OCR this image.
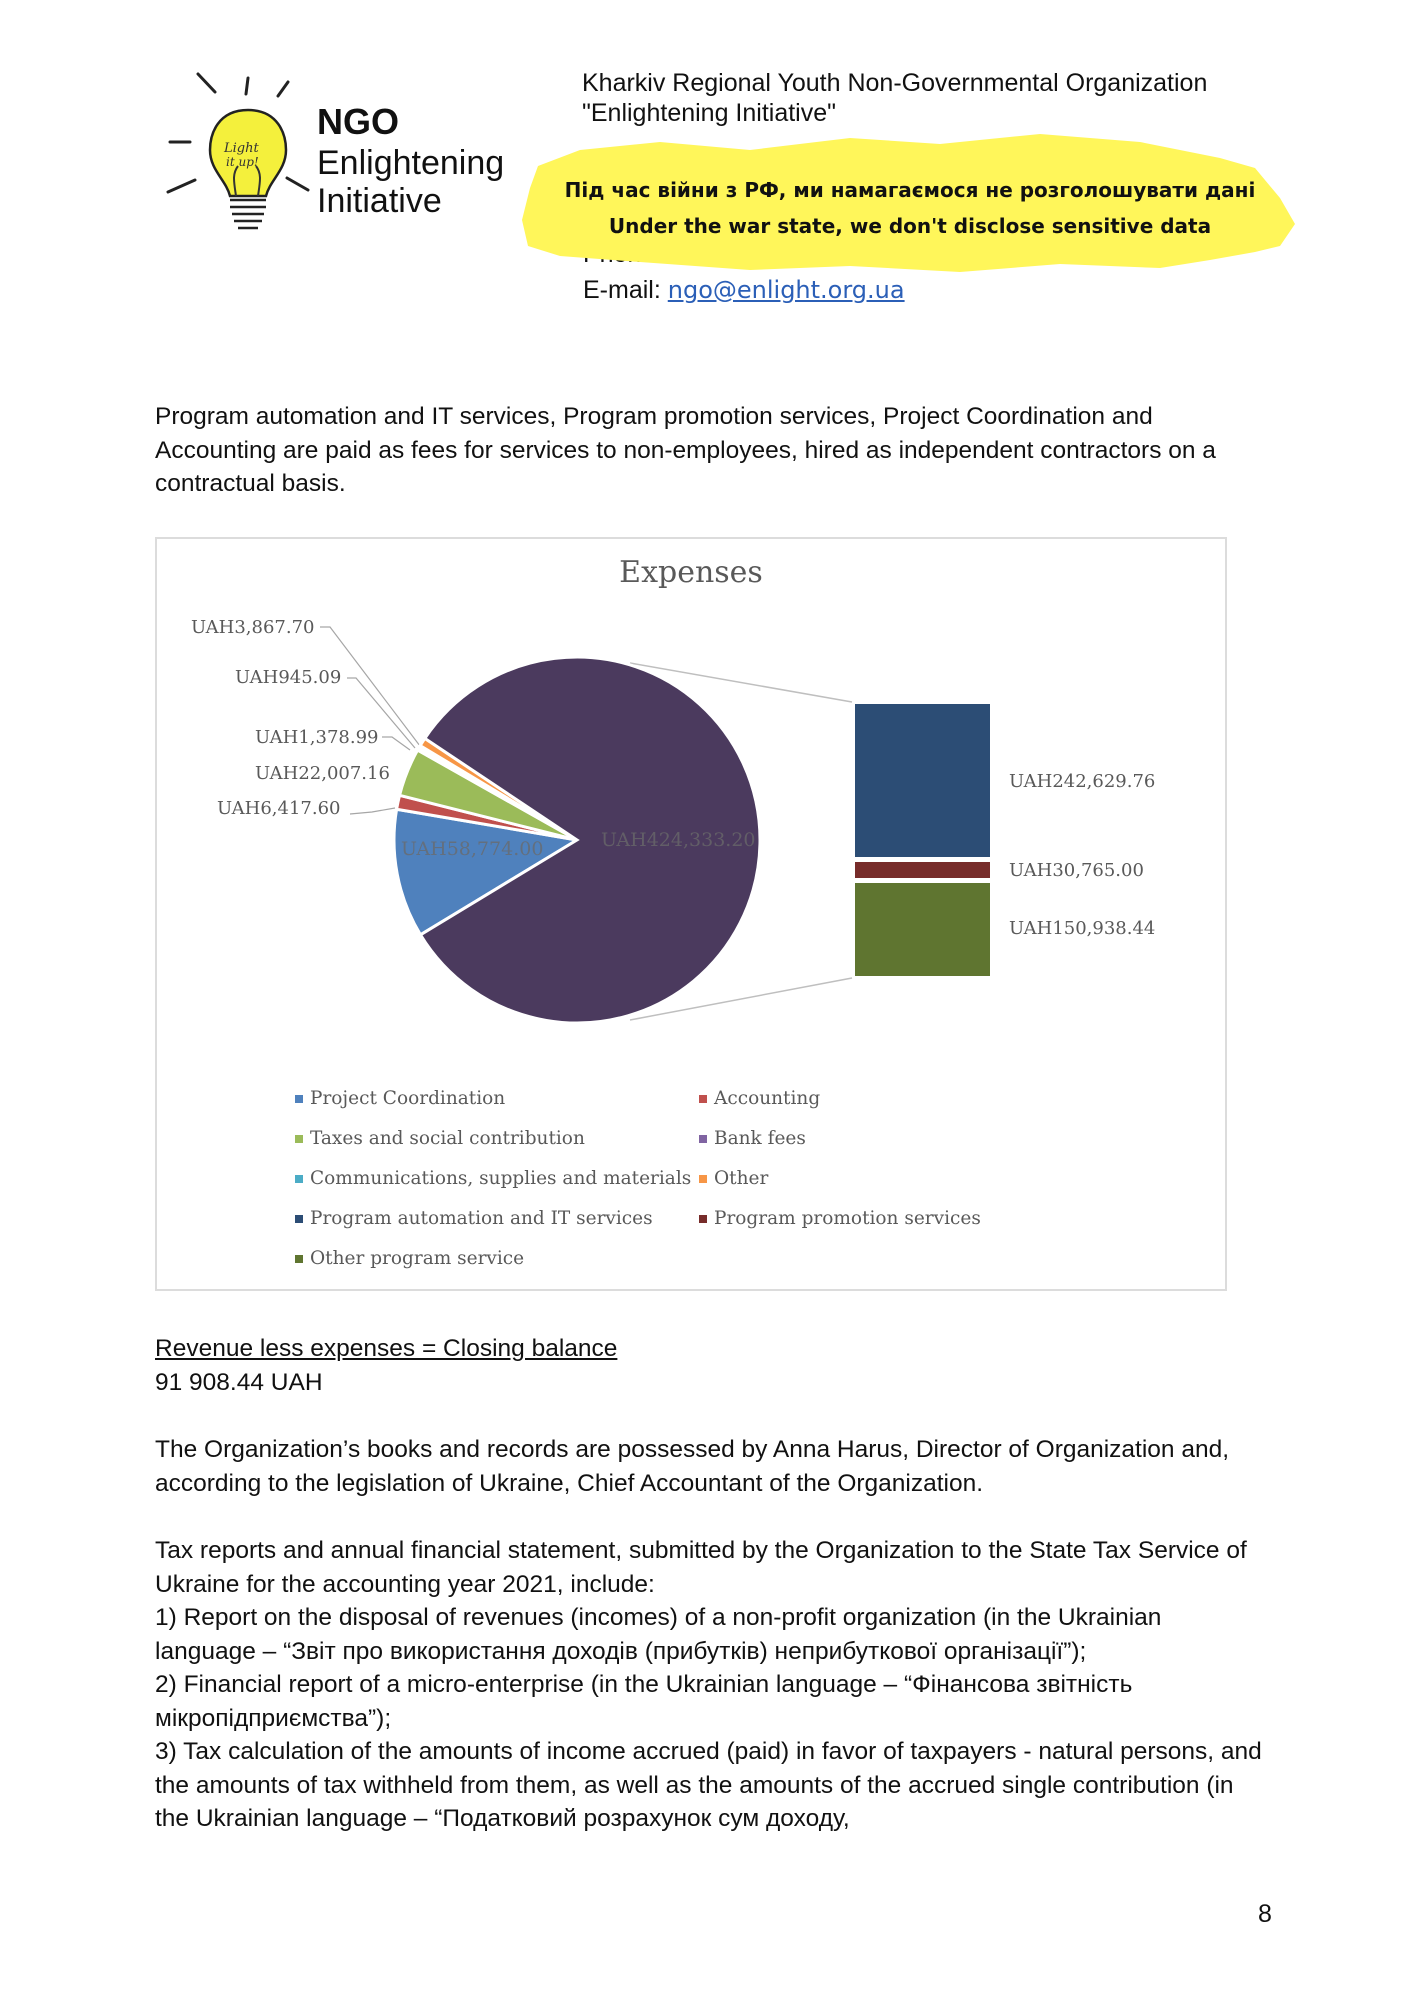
Light
it up!
NGO
Enlightening
Initiative
Kharkiv Regional Youth Non-Governmental Organization
"Enlightening Initiative"
E-mail: ngo@enlight.org.ua
Під час війни з РФ, ми намагаємося не розголошувати дані
Under the war state, we don't disclose sensitive data
Program automation and IT services, Program promotion services, Project Coordination and Accounting are paid as fees for services to non-employees, hired as independent contractors on a contractual basis.
Expenses
UAH3,867.70
UAH945.09
UAH1,378.99
UAH22,007.16
UAH6,417.60
UAH58,774.00	UAH424,333.20
UAH242,629.76
UAH30,765.00
UAH150,938.44
Project Coordination	Accounting
Taxes and social contribution	Bank fees
Communications, supplies and materials Other
Program automation and IT services	Program promotion services
Other program service
Revenue less expenses = Closing balance
91 908.44 UAH
The Organization’s books and records are possessed by Anna Harus, Director of Organization and, according to the legislation of Ukraine, Chief Accountant of the Organization.
Tax reports and annual financial statement, submitted by the Organization to the State Tax Service of Ukraine for the accounting year 2021, include:
1) Report on the disposal of revenues (incomes) of a non-profit organization (in the Ukrainian language – “Звіт про використання доходів (прибутків) неприбуткової організації”);
2) Financial report of a micro-enterprise (in the Ukrainian language – “Фінансова звітність мікропідприємства”);
3) Tax calculation of the amounts of income accrued (paid) in favor of taxpayers - natural persons, and the amounts of tax withheld from them, as well as the amounts of the accrued single contribution (in the Ukrainian language – “Податковий розрахунок сум доходу,
8
